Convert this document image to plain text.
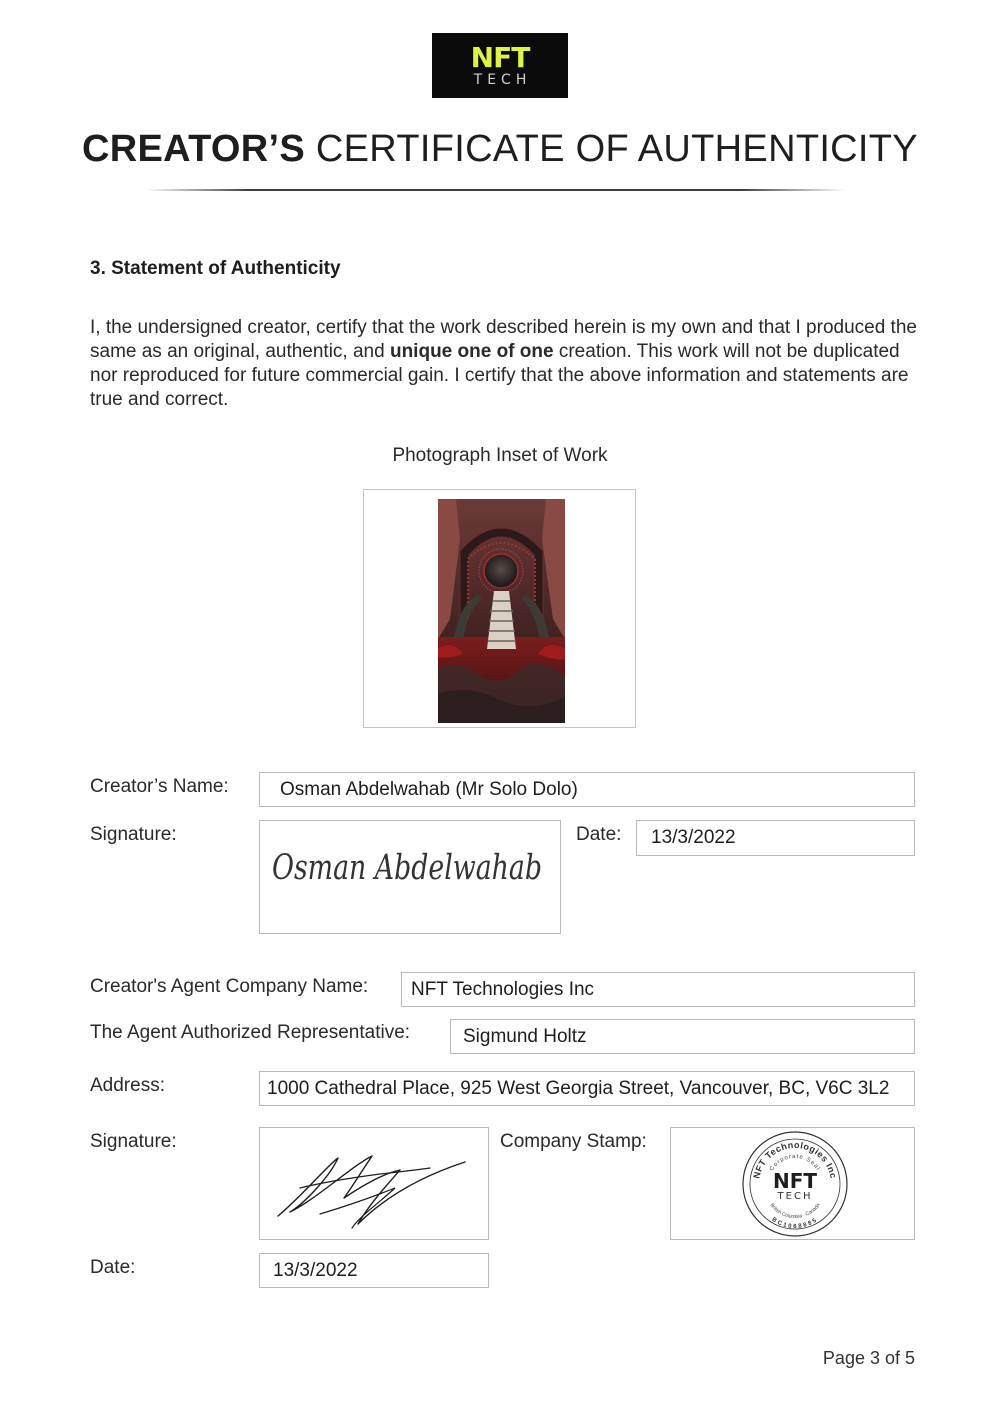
NFT
TECH
CREATOR’S CERTIFICATE OF AUTHENTICITY
3. Statement of Authenticity
I, the undersigned creator, certify that the work described herein is my own and that I produced the same as an original, authentic, and unique one of one creation. This work will not be duplicated nor reproduced for future commercial gain. I certify that the above information and statements are true and correct.
Photograph Inset of Work
Creator’s Name:	Osman Abdelwahab (Mr Solo Dolo)
Signature:
Osman Abdelwahab
Date: 13/3/2022
Creator's Agent Company Name: NFT Technologies Inc
The Agent Authorized Representative:	Sigmund Holtz
Address:	1000 Cathedral Place, 925 West Georgia Street, Vancouver, BC, V6C 3L2
Signature:	Company Stamp:
NFT Technologies Inc
Corporate Seal
British Columbia · Canada
BC1068885
NFT
TECH
Date:	13/3/2022
Page 3 of 5
